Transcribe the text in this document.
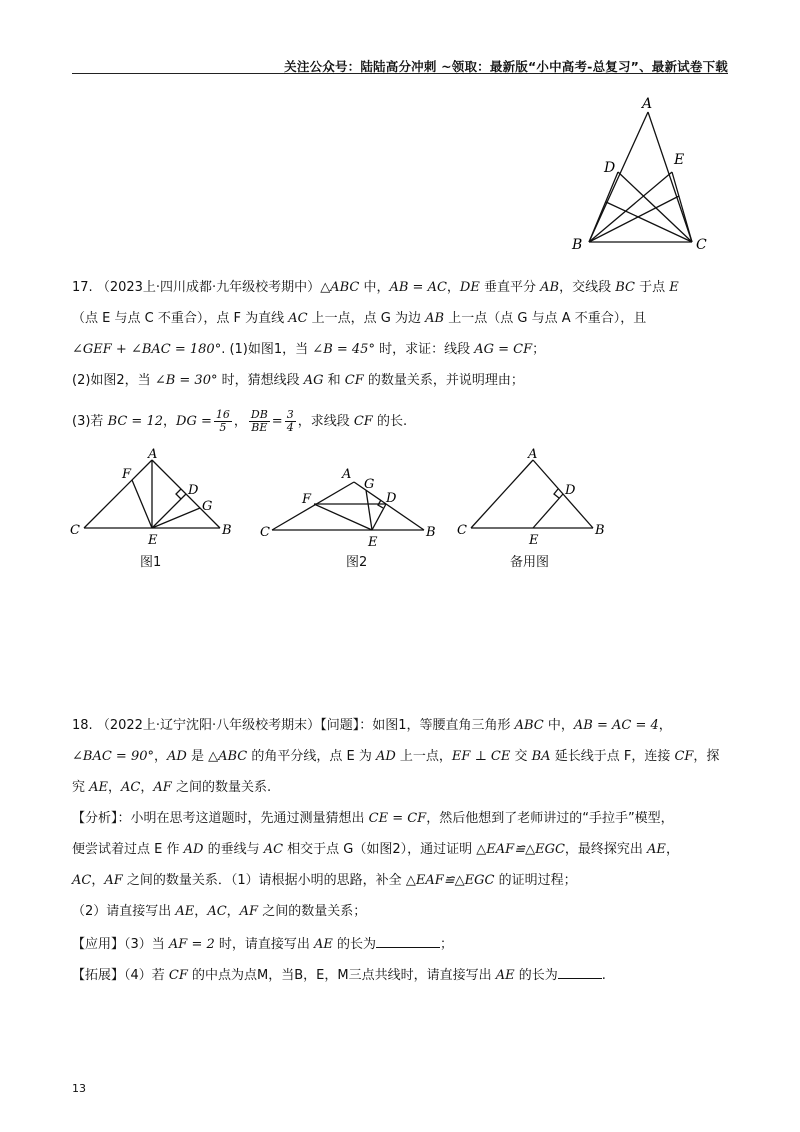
关注公众号：陆陆高分冲刺 ~领取：最新版“小中高考-总复习”、最新试卷下载
A
D	E
B	C
17. （2023上·四川成都·九年级校考期中）△ABC 中，AB = AC，DE 垂直平分 AB，交线段 BC 于点 E
（点 E 与点 C 不重合），点 F 为直线 AC 上一点，点 G 为边 AB 上一点（点 G 与点 A 不重合），且
∠GEF + ∠BAC = 180°. (1)如图1，当 ∠B = 45° 时，求证：线段 AG = CF；
(2)如图2，当 ∠B = 30° 时，猜想线段 AG 和 CF 的数量关系，并说明理由；
(3)若 BC = 12，DG = $\frac{16}{5}$ ， $\frac{DB}{BE} = \frac{3}{4}$ ，求线段 CF 的长.
A
F
D
G
C	B
E
图1
A
G
D
F
C	B
E
图2
A
D
C	B
E
备用图
18. （2022上·辽宁沈阳·八年级校考期末）【问题】：如图1，等腰直角三角形 ABC 中，AB = AC = 4，
∠BAC = 90°，AD 是 △ABC 的角平分线，点 E 为 AD 上一点，EF ⊥ CE 交 BA 延长线于点 F，连接 CF，探
究 AE，AC，AF 之间的数量关系.
【分析】：小明在思考这道题时，先通过测量猜想出 CE = CF，然后他想到了老师讲过的“手拉手”模型，
便尝试着过点 E 作 AD 的垂线与 AC 相交于点 G（如图2），通过证明 △EAF≌△EGC，最终探究出 AE，
AC，AF 之间的数量关系．（1）请根据小明的思路，补全 △EAF≌△EGC 的证明过程；
（2）请直接写出 AE，AC，AF 之间的数量关系；
【应用】（3）当 AF = 2 时，请直接写出 AE 的长为	；
【拓展】（4）若 CF 的中点为点M，当B，E，M三点共线时，请直接写出 AE 的长为	.
13
